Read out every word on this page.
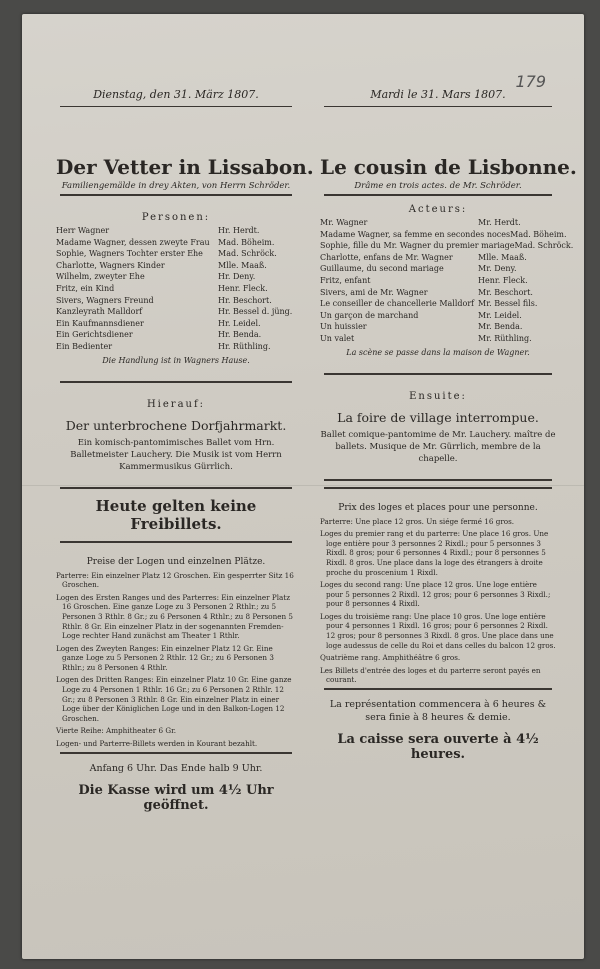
179
Dienstag, den 31. März 1807.
Der Vetter in Lissabon.
Familiengemälde in drey Akten, von Herrn Schröder.
Personen:
Herr Wagner	Hr. Herdt.
Madame Wagner, dessen zweyte Frau	Mad. Böheim.
Sophie, Wagners Tochter erster Ehe	Mad. Schröck.
Charlotte, Wagners Kinder	Mlle. Maaß.
Wilhelm, zweyter Ehe	Hr. Deny.
Fritz, ein Kind	Henr. Fleck.
Sivers, Wagners Freund	Hr. Beschort.
Kanzleyrath Malldorf	Hr. Bessel d. jüng.
Ein Kaufmannsdiener	Hr. Leidel.
Ein Gerichtsdiener	Hr. Benda.
Ein Bedienter	Hr. Rüthling.
Die Handlung ist in Wagners Hause.
Hierauf:
Der unterbrochene Dorfjahrmarkt.
Ein komisch-pantomimisches Ballet vom Hrn. Balletmeister Lauchery. Die Musik ist vom Herrn Kammermusikus Gürrlich.
Heute gelten keine Freibillets.
Preise der Logen und einzelnen Plätze.

Parterre: Ein einzelner Platz 12 Groschen. Ein gesperrter Sitz 16 Groschen.

Logen des Ersten Ranges und des Parterres: Ein einzelner Platz 16 Groschen. Eine ganze Loge zu 3 Personen 2 Rthlr.; zu 5 Personen 3 Rthlr. 8 Gr.; zu 6 Personen 4 Rthlr.; zu 8 Personen 5 Rthlr. 8 Gr. Ein einzelner Platz in der sogenannten Fremden-Loge rechter Hand zunächst am Theater 1 Rthlr.

Logen des Zweyten Ranges: Ein einzelner Platz 12 Gr. Eine ganze Loge zu 5 Personen 2 Rthlr. 12 Gr.; zu 6 Personen 3 Rthlr.; zu 8 Personen 4 Rthlr.

Logen des Dritten Ranges: Ein einzelner Platz 10 Gr. Eine ganze Loge zu 4 Personen 1 Rthlr. 16 Gr.; zu 6 Personen 2 Rthlr. 12 Gr.; zu 8 Personen 3 Rthlr. 8 Gr. Ein einzelner Platz in einer Loge über der Königlichen Loge und in den Balkon-Logen 12 Groschen.

Vierte Reihe: Amphitheater 6 Gr.

Logen- und Parterre-Billets werden in Kourant bezahlt.

Anfang 6 Uhr. Das Ende halb 9 Uhr.
Die Kasse wird um 4½ Uhr geöffnet.
Mardi le 31. Mars 1807.
Le cousin de Lisbonne.
Drâme en trois actes. de Mr. Schröder.
Acteurs:
Mr. Wagner	Mr. Herdt.
Madame Wagner, sa femme en secondes noces Mad. Böheim.
Sophie, fille du Mr. Wagner du premier mariage Mad. Schröck.
Charlotte, enfans de Mr. Wagner	Mlle. Maaß.
Guillaume, du second mariage	Mr. Deny.
Fritz, enfant	Henr. Fleck.
Sivers, ami de Mr. Wagner	Mr. Beschort.
Le conseiller de chancellerie Malldorf Mr. Bessel fils.
Un garçon de marchand	Mr. Leidel.
Un huissier	Mr. Benda.
Un valet	Mr. Rüthling.
La scène se passe dans la maison de Wagner.
Ensuite:
La foire de village interrompue.
Ballet comique-pantomime de Mr. Lauchery. maître de ballets. Musique de Mr. Gürrlich, membre de la chapelle.
Prix des loges et places pour une personne.

Parterre: Une place 12 gros. Un siége fermé 16 gros.

Loges du premier rang et du parterre: Une place 16 gros. Une loge entière pour 3 personnes 2 Rixdl.; pour 5 personnes 3 Rixdl. 8 gros; pour 6 personnes 4 Rixdl.; pour 8 personnes 5 Rixdl. 8 gros. Une place dans la loge des étrangers à droite proche du proscenium 1 Rixdl.

Loges du second rang: Une place 12 gros. Une loge entière pour 5 personnes 2 Rixdl. 12 gros; pour 6 personnes 3 Rixdl.; pour 8 personnes 4 Rixdl.

Loges du troisième rang: Une place 10 gros. Une loge entière pour 4 personnes 1 Rixdl. 16 gros; pour 6 personnes 2 Rixdl. 12 gros; pour 8 personnes 3 Rixdl. 8 gros. Une place dans une loge audessus de celle du Roi et dans celles du balcon 12 gros.

Quatrième rang. Amphithéâtre 6 gros.

Les Billets d'entrée des loges et du parterre seront payés en courant.

La représentation commencera à 6 heures & sera finie à 8 heures & demie.
La caisse sera ouverte à 4½ heures.
